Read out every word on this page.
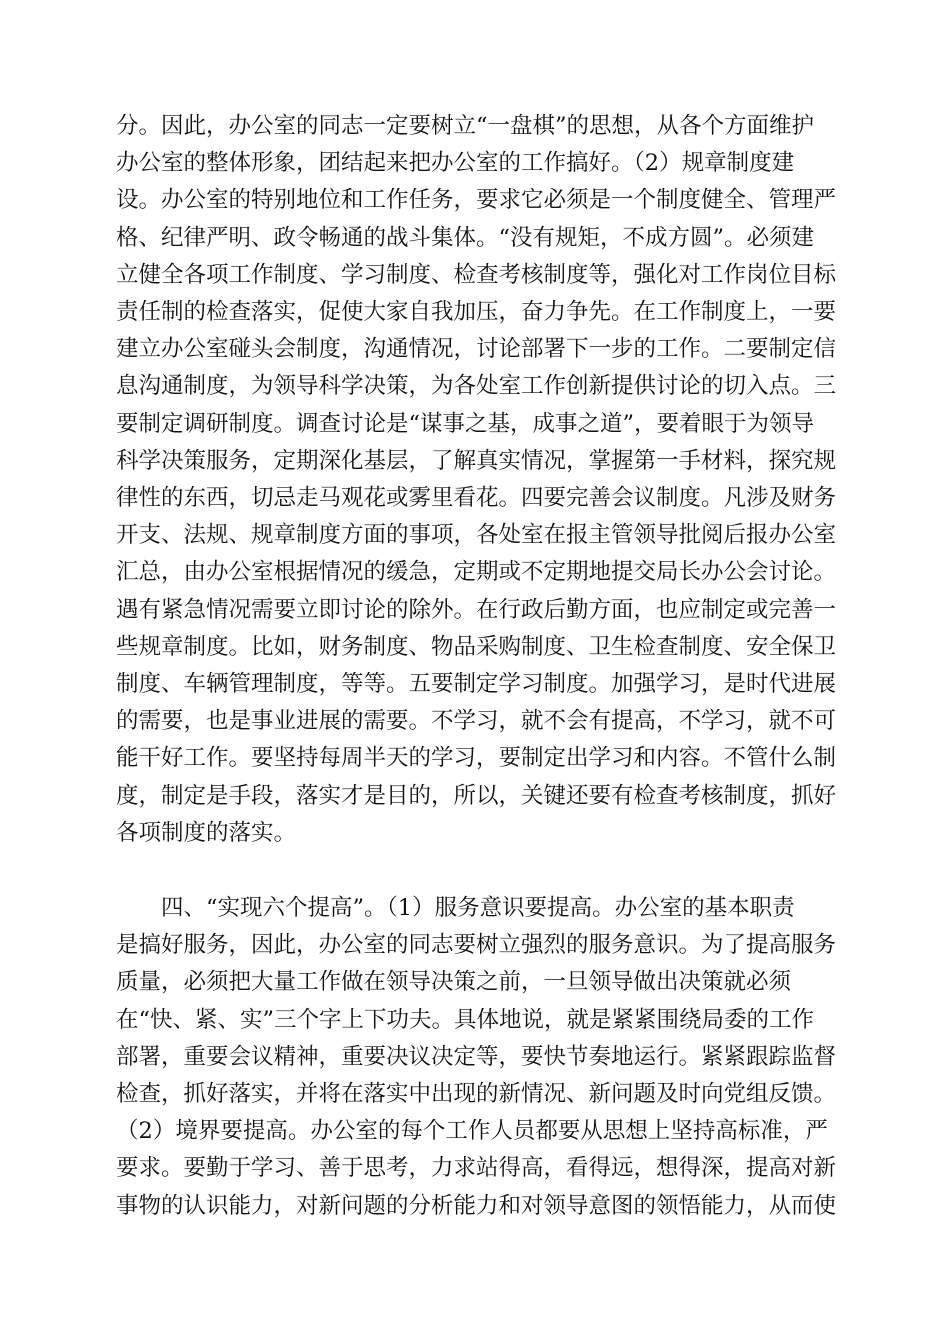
分。因此，办公室的同志一定要树立“一盘棋”的思想，从各个方面维护
办公室的整体形象，团结起来把办公室的工作搞好。（2）规章制度建
设。办公室的特别地位和工作任务，要求它必须是一个制度健全、管理严
格、纪律严明、政令畅通的战斗集体。“没有规矩，不成方圆”。必须建
立健全各项工作制度、学习制度、检查考核制度等，强化对工作岗位目标
责任制的检查落实，促使大家自我加压，奋力争先。在工作制度上，一要
建立办公室碰头会制度，沟通情况，讨论部署下一步的工作。二要制定信
息沟通制度，为领导科学决策，为各处室工作创新提供讨论的切入点。三
要制定调研制度。调查讨论是“谋事之基，成事之道”，要着眼于为领导
科学决策服务，定期深化基层，了解真实情况，掌握第一手材料，探究规
律性的东西，切忌走马观花或雾里看花。四要完善会议制度。凡涉及财务
开支、法规、规章制度方面的事项，各处室在报主管领导批阅后报办公室
汇总，由办公室根据情况的缓急，定期或不定期地提交局长办公会讨论。
遇有紧急情况需要立即讨论的除外。在行政后勤方面，也应制定或完善一
些规章制度。比如，财务制度、物品采购制度、卫生检查制度、安全保卫
制度、车辆管理制度，等等。五要制定学习制度。加强学习，是时代进展
的需要，也是事业进展的需要。不学习，就不会有提高，不学习，就不可
能干好工作。要坚持每周半天的学习，要制定出学习和内容。不管什么制
度，制定是手段，落实才是目的，所以，关键还要有检查考核制度，抓好
各项制度的落实。
四、“实现六个提高”。（1）服务意识要提高。办公室的基本职责
是搞好服务，因此，办公室的同志要树立强烈的服务意识。为了提高服务
质量，必须把大量工作做在领导决策之前，一旦领导做出决策就必须
在“快、紧、实”三个字上下功夫。具体地说，就是紧紧围绕局委的工作
部署，重要会议精神，重要决议决定等，要快节奏地运行。紧紧跟踪监督
检查，抓好落实，并将在落实中出现的新情况、新问题及时向党组反馈。
（2）境界要提高。办公室的每个工作人员都要从思想上坚持高标准，严
要求。要勤于学习、善于思考，力求站得高，看得远，想得深，提高对新
事物的认识能力，对新问题的分析能力和对领导意图的领悟能力，从而使
